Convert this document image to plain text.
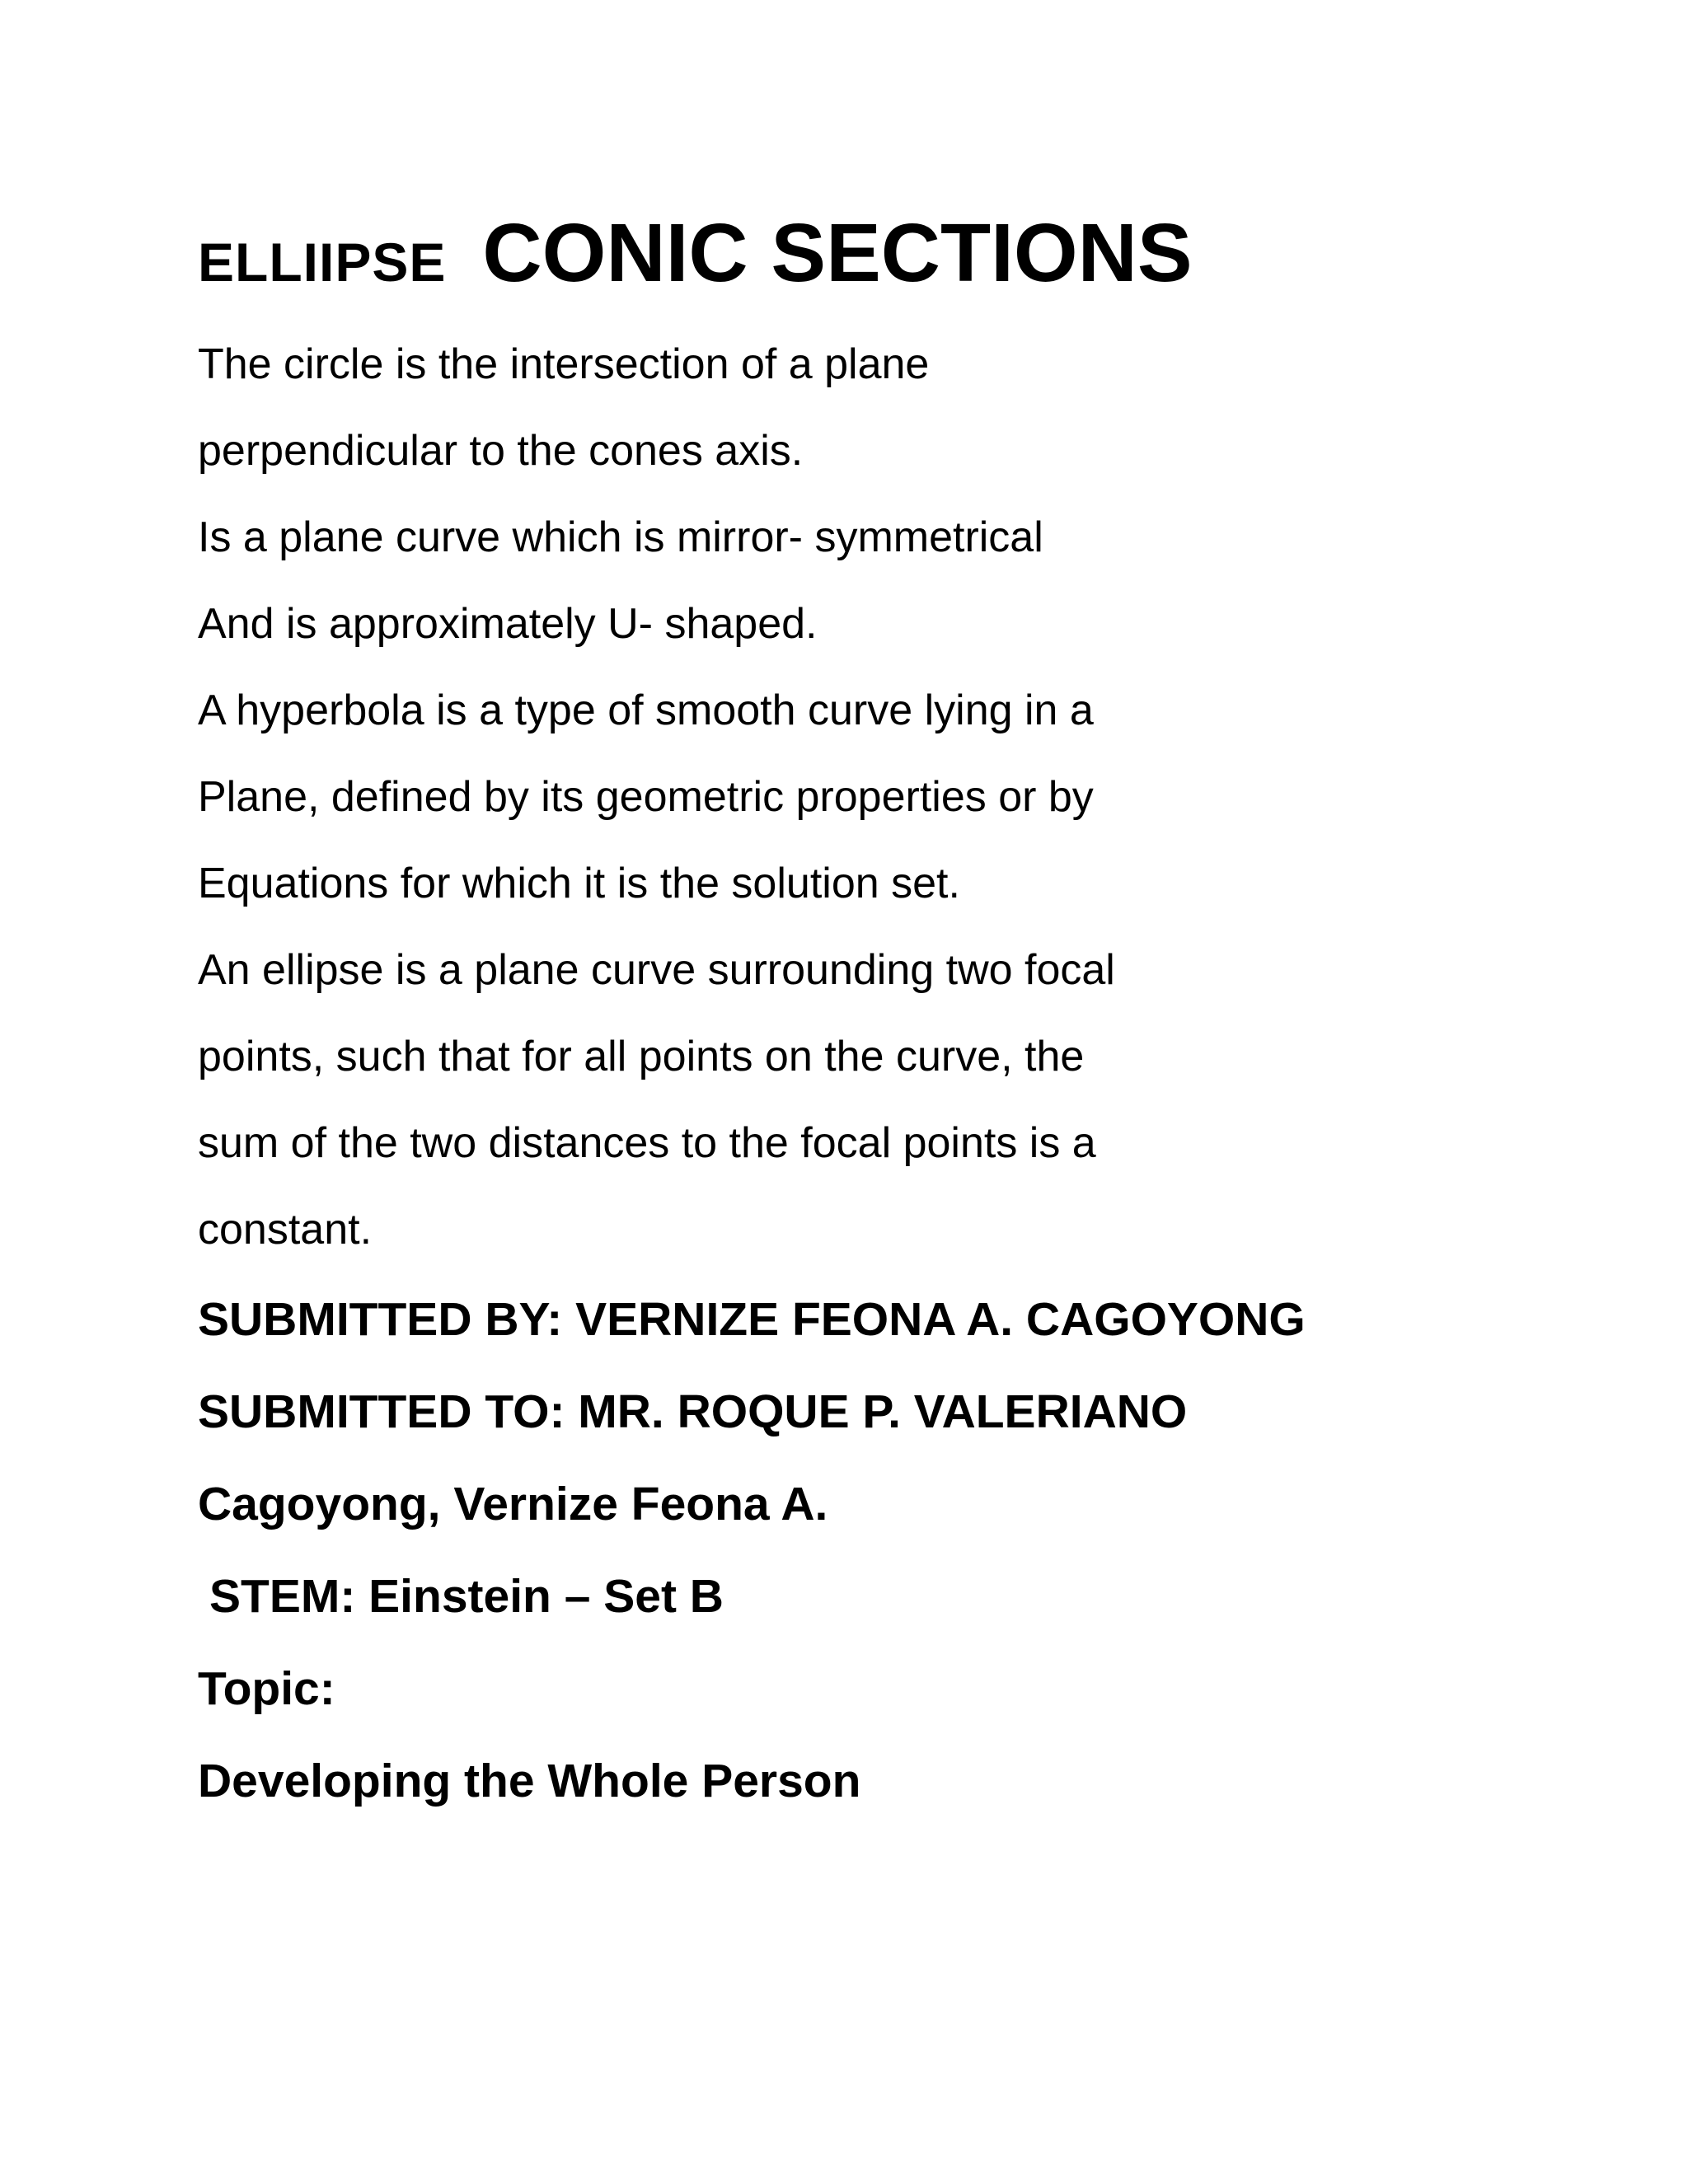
ELLIIPSE CONIC SECTIONS
The circle is the intersection of a plane
perpendicular to the cones axis.
Is a plane curve which is mirror- symmetrical
And is approximately U- shaped.
A hyperbola is a type of smooth curve lying in a
Plane, defined by its geometric properties or by
Equations for which it is the solution set.
An ellipse is a plane curve surrounding two focal
points, such that for all points on the curve, the
sum of the two distances to the focal points is a
constant.
SUBMITTED BY: VERNIZE FEONA A. CAGOYONG
SUBMITTED TO: MR. ROQUE P. VALERIANO
Cagoyong, Vernize Feona A.
STEM: Einstein – Set B
Topic:
Developing the Whole Person
